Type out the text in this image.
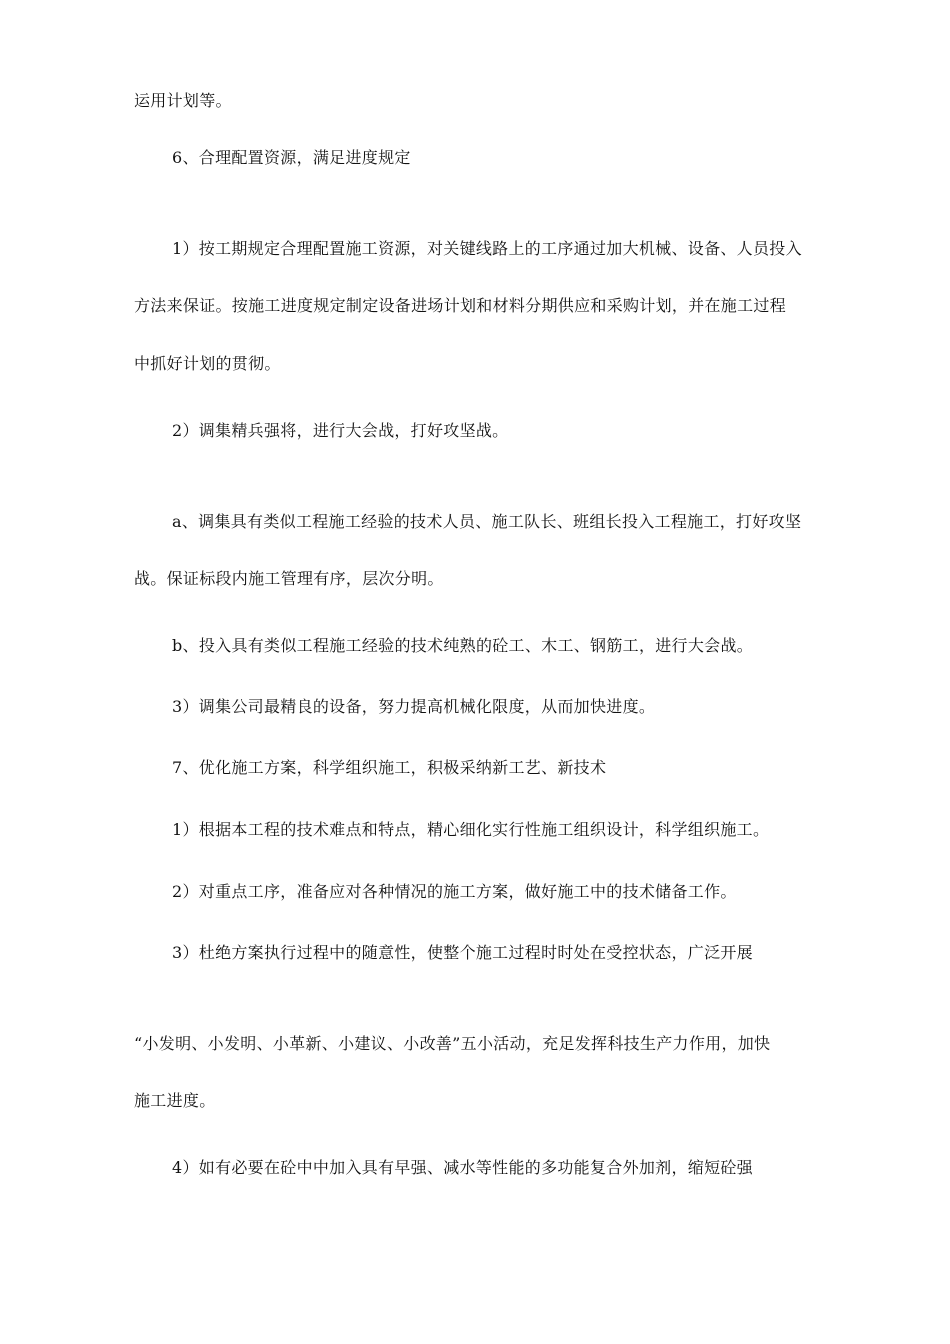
运用计划等。
6、合理配置资源，满足进度规定
1）按工期规定合理配置施工资源，对关键线路上的工序通过加大机械、设备、人员投入
方法来保证。按施工进度规定制定设备进场计划和材料分期供应和采购计划，并在施工过程
中抓好计划的贯彻。
2）调集精兵强将，进行大会战，打好攻坚战。
a、调集具有类似工程施工经验的技术人员、施工队长、班组长投入工程施工，打好攻坚
战。保证标段内施工管理有序，层次分明。
b、投入具有类似工程施工经验的技术纯熟的砼工、木工、钢筋工，进行大会战。
3）调集公司最精良的设备，努力提高机械化限度，从而加快进度。
7、优化施工方案，科学组织施工，积极采纳新工艺、新技术
1）根据本工程的技术难点和特点，精心细化实行性施工组织设计，科学组织施工。
2）对重点工序，准备应对各种情况的施工方案，做好施工中的技术储备工作。
3）杜绝方案执行过程中的随意性，使整个施工过程时时处在受控状态，广泛开展
“小发明、小发明、小革新、小建议、小改善”五小活动，充足发挥科技生产力作用，加快
施工进度。
4）如有必要在砼中中加入具有早强、减水等性能的多功能复合外加剂，缩短砼强
